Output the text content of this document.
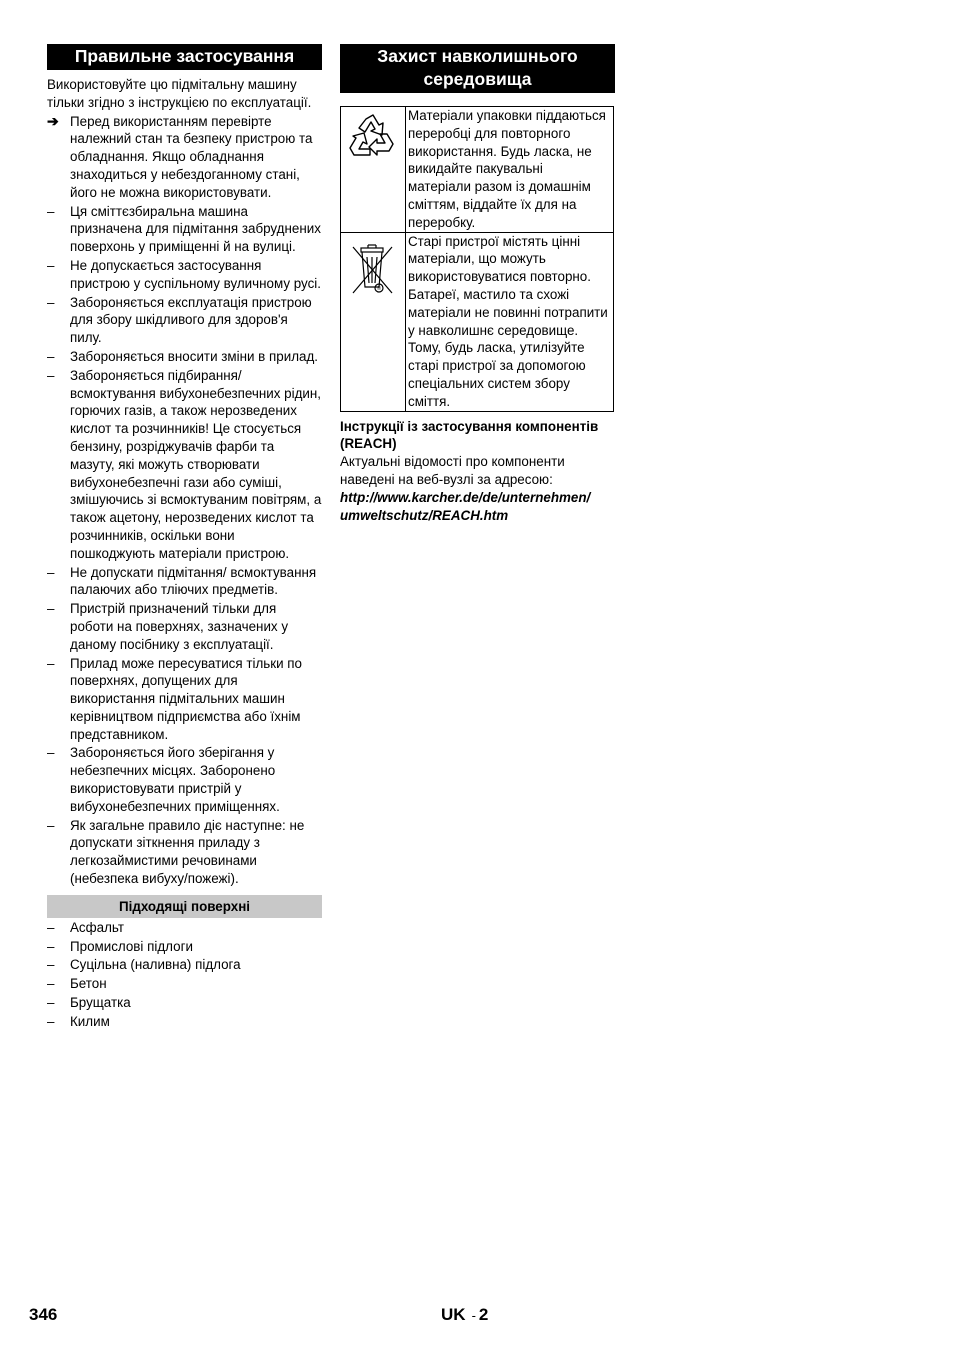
Правильне застосування

Використовуйте цю підмітальну машину тільки згідно з інструкцією по експлуатації.

➔ Перед використанням перевірте належний стан та безпеку пристрою та обладнання. Якщо обладнання знаходиться у небездоганному стані, його не можна використовувати.
–	Ця сміттєзбиральна машина призначена для підмітання забруднених поверхонь у приміщенні й на вулиці.
–	Не допускається застосування пристрою у суспільному вуличному русі.
–	Забороняється експлуатація пристрою для збору шкідливого для здоров'я пилу.
–	Забороняється вносити зміни в прилад.
–	Забороняється підбирання/ всмоктування вибухонебезпечних рідин, горючих газів, а також нерозведених кислот та розчинників! Це стосується бензину, розріджувачів фарби та мазуту, які можуть створювати вибухонебезпечні гази або суміші, змішуючись зі всмоктуваним повітрям, а також ацетону, нерозведених кислот та розчинників, оскільки вони пошкоджують матеріали пристрою.
–	Не допускати підмітання/ всмоктування палаючих або тліючих предметів.
–	Пристрій призначений тільки для роботи на поверхнях, зазначених у даному посібнику з експлуатації.
–	Прилад може пересуватися тільки по поверхнях, допущених для використання підмітальних машин керівництвом підприємства або їхнім представником.
–	Забороняється його зберігання у небезпечних місцях. Заборонено використовувати пристрій у вибухонебезпечних приміщеннях.
–	Як загальне правило діє наступне: не допускати зіткнення приладу з легкозаймистими речовинами (небезпека вибуху/пожежі).
Підходящі поверхні
–	Асфальт
–	Промислові підлоги
–	Суцільна (наливна) підлога
–	Бетон
–	Брущатка
–	Килим
Захист навколишнього середовища
	Матеріали упаковки піддаються переробці для повторного використання. Будь ласка, не викидайте пакувальні матеріали разом із домашнім сміттям, віддайте їх для на переробку.

®	Старі пристрої містять цінні матеріали, що можуть використовуватися повторно. Батареї, мастило та схожі матеріали не повинні потрапити у навколишнє середовище. Тому, будь ласка, утилізуйте старі пристрої за допомогою спеціальних систем збору сміття.

Інструкції із застосування компонентів (REACH)

Актуальні відомості про компоненти наведені на веб-вузлі за адресою:

http://www.karcher.de/de/unternehmen/ umweltschutz/REACH.htm

346	UK - 2
